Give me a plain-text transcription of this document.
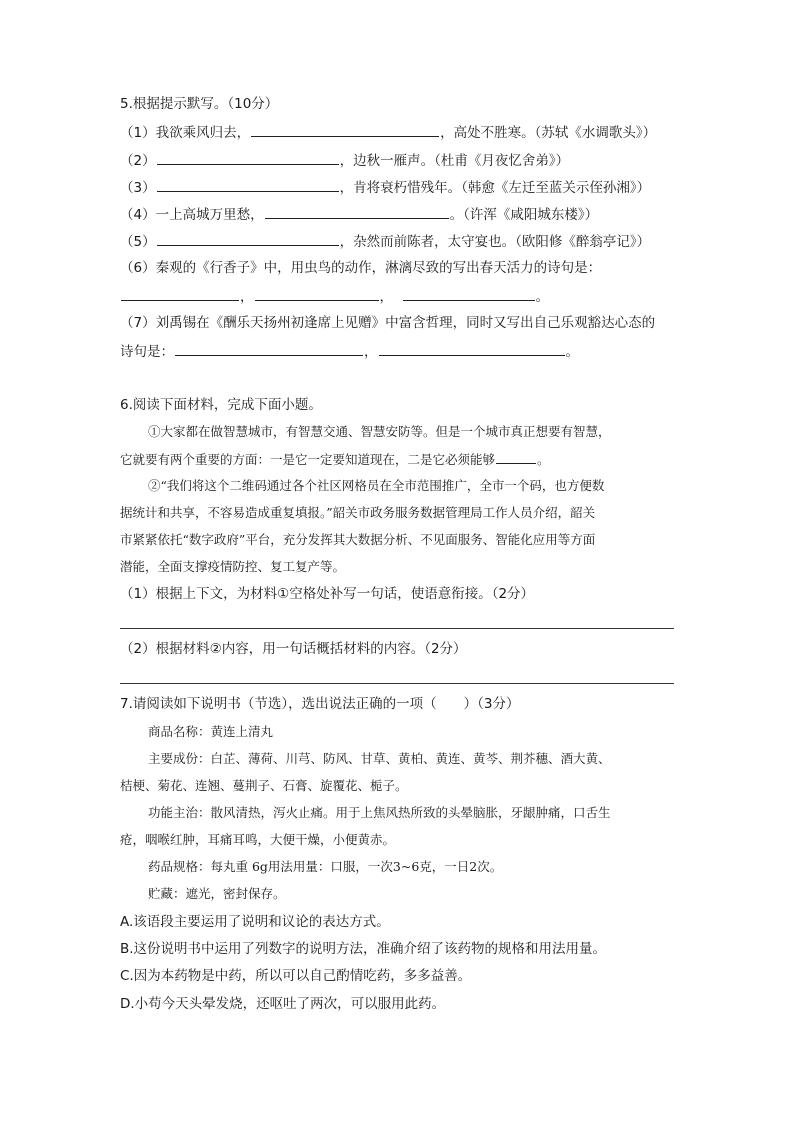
5.根据提示默写。（10分）
（1）我欲乘风归去，	，高处不胜寒。（苏轼《水调歌头》）
（2）	，边秋一雁声。（杜甫《月夜忆舍弟》）
（3）	，肯将衰朽惜残年。（韩愈《左迁至蓝关示侄孙湘》）
（4）一上高城万里愁，	。（许浑《咸阳城东楼》）
（5）	，杂然而前陈者，太守宴也。（欧阳修《醉翁亭记》）
（6）秦观的《行香子》中，用虫鸟的动作，淋漓尽致的写出春天活力的诗句是：
，	，	。
（7）刘禹锡在《酬乐天扬州初逢席上见赠》中富含哲理，同时又写出自己乐观豁达心态的
诗句是：	，	。
6.阅读下面材料，完成下面小题。
①大家都在做智慧城市，有智慧交通、智慧安防等。但是一个城市真正想要有智慧，
它就要有两个重要的方面：一是它一定要知道现在，二是它必须能够	。
②“我们将这个二维码通过各个社区网格员在全市范围推广，全市一个码，也方便数
据统计和共享，不容易造成重复填报。”韶关市政务服务数据管理局工作人员介绍，韶关
市紧紧依托“数字政府”平台，充分发挥其大数据分析、不见面服务、智能化应用等方面
潜能，全面支撑疫情防控、复工复产等。
（1）根据上下文，为材料①空格处补写一句话，使语意衔接。（2分）
（2）根据材料②内容，用一句话概括材料的内容。（2分）
7.请阅读如下说明书（节选），选出说法正确的一项（　　）（3分）
商品名称：黄连上清丸
主要成份：白芷、薄荷、川芎、防风、甘草、黄柏、黄连、黄芩、荆芥穗、酒大黄、
桔梗、菊花、连翘、蔓荆子、石膏、旋覆花、栀子。
功能主治：散风清热，泻火止痛。用于上焦风热所致的头晕脑胀，牙龈肿痛，口舌生
疮，咽喉红肿，耳痛耳鸣，大便干燥，小便黄赤。
药品规格：每丸重 6g用法用量：口服，一次3~6克，一日2次。
贮藏：遮光，密封保存。
A.该语段主要运用了说明和议论的表达方式。
B.这份说明书中运用了列数字的说明方法，准确介绍了该药物的规格和用法用量。
C.因为本药物是中药，所以可以自己酌情吃药，多多益善。
D.小苟今天头晕发烧，还呕吐了两次，可以服用此药。
